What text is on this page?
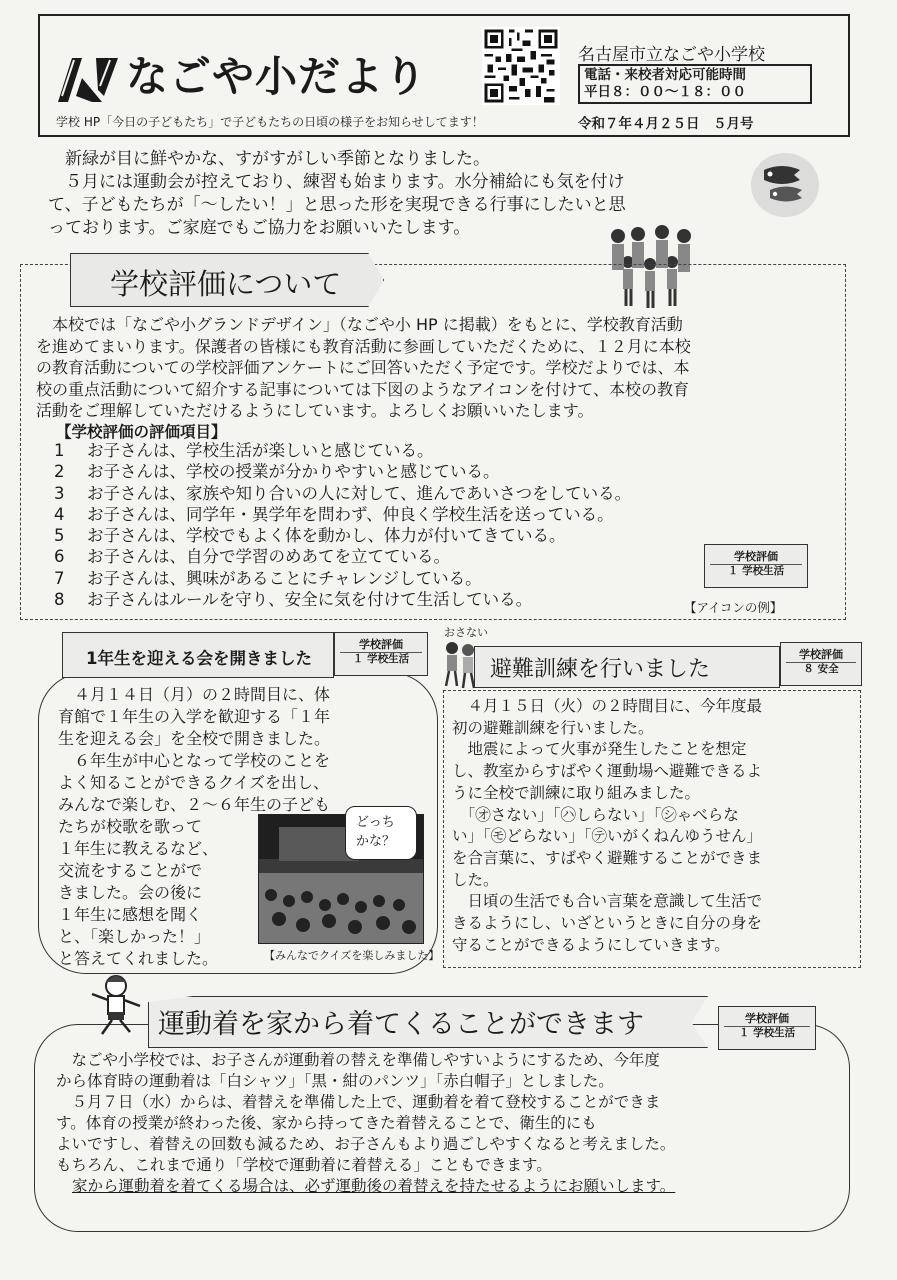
なごや小だより
学校 HP「今日の子どもたち」で子どもたちの日頃の様子をお知らせしてます！
名古屋市立なごや小学校
電話・来校者対応可能時間
平日８：００～１８：００
令和７年４月２５日　 ５月号
　新緑が目に鮮やかな、すがすがしい季節となりました。
　５月には運動会が控えており、練習も始まります。水分補給にも気を付け
て、子どもたちが「～したい！」と思った形を実現できる行事にしたいと思
っております。ご家庭でもご協力をお願いいたします。
学校評価について
　本校では「なごや小グランドデザイン」（なごや小 HP に掲載）をもとに、学校教育活動
を進めてまいります。保護者の皆様にも教育活動に参画していただくために、１２月に本校
の教育活動についての学校評価アンケートにご回答いただく予定です。学校だよりでは、本
校の重点活動について紹介する記事については下図のようなアイコンを付けて、本校の教育
活動をご理解していただけるようにしています。よろしくお願いいたします。
【学校評価の評価項目】
1 お子さんは、学校生活が楽しいと感じている。
2 お子さんは、学校の授業が分かりやすいと感じている。
3 お子さんは、家族や知り合いの人に対して、進んであいさつをしている。
4 お子さんは、同学年・異学年を問わず、仲良く学校生活を送っている。
5 お子さんは、学校でもよく体を動かし、体力が付いてきている。
6 お子さんは、自分で学習のめあてを立てている。
7 お子さんは、興味があることにチャレンジしている。
8 お子さんはルールを守り、安全に気を付けて生活している。
学校評価
１ 学校生活
【アイコンの例】
1年生を迎える会を開きました
学校評価
１ 学校生活
　４月１４日（月）の２時間目に、体
育館で１年生の入学を歓迎する「１年
生を迎える会」を全校で開きました。
　６年生が中心となって学校のことを
よく知ることができるクイズを出し、
みんなで楽しむ、２～６年生の子ども
たちが校歌を歌って
１年生に教えるなど、
交流をすることがで
きました。会の後に
１年生に感想を聞く
と、「楽しかった！」
と答えてくれました。
どっち
かな？
【みんなでクイズを楽しみました】
おさない
避難訓練を行いました
学校評価
８ 安全
　４月１５日（火）の２時間目に、今年度最
初の避難訓練を行いました。
　地震によって火事が発生したことを想定
し、教室からすばやく運動場へ避難できるよ
うに全校で訓練に取り組みました。
　「㋔さない」「㋩しらない」「㋛ゃべらな
い」「㋲どらない」「㋢いがくねんゆうせん」
を合言葉に、すばやく避難することができま
した。
　日頃の生活でも合い言葉を意識して生活で
きるようにし、いざというときに自分の身を
守ることができるようにしていきます。
運動着を家から着てくることができます	学校評価
１ 学校生活
　なごや小学校では、お子さんが運動着の替えを準備しやすいようにするため、今年度
から体育時の運動着は「白シャツ」「黒・紺のパンツ」「赤白帽子」としました。
　５月７日（水）からは、着替えを準備した上で、運動着を着て登校することができま
す。体育の授業が終わった後、家から持ってきた着替えることで、衛生的にも
よいですし、着替えの回数も減るため、お子さんもより過ごしやすくなると考えました。
もちろん、これまで通り「学校で運動着に着替える」こともできます。
家から運動着を着てくる場合は、必ず運動後の着替えを持たせるようにお願いします。
